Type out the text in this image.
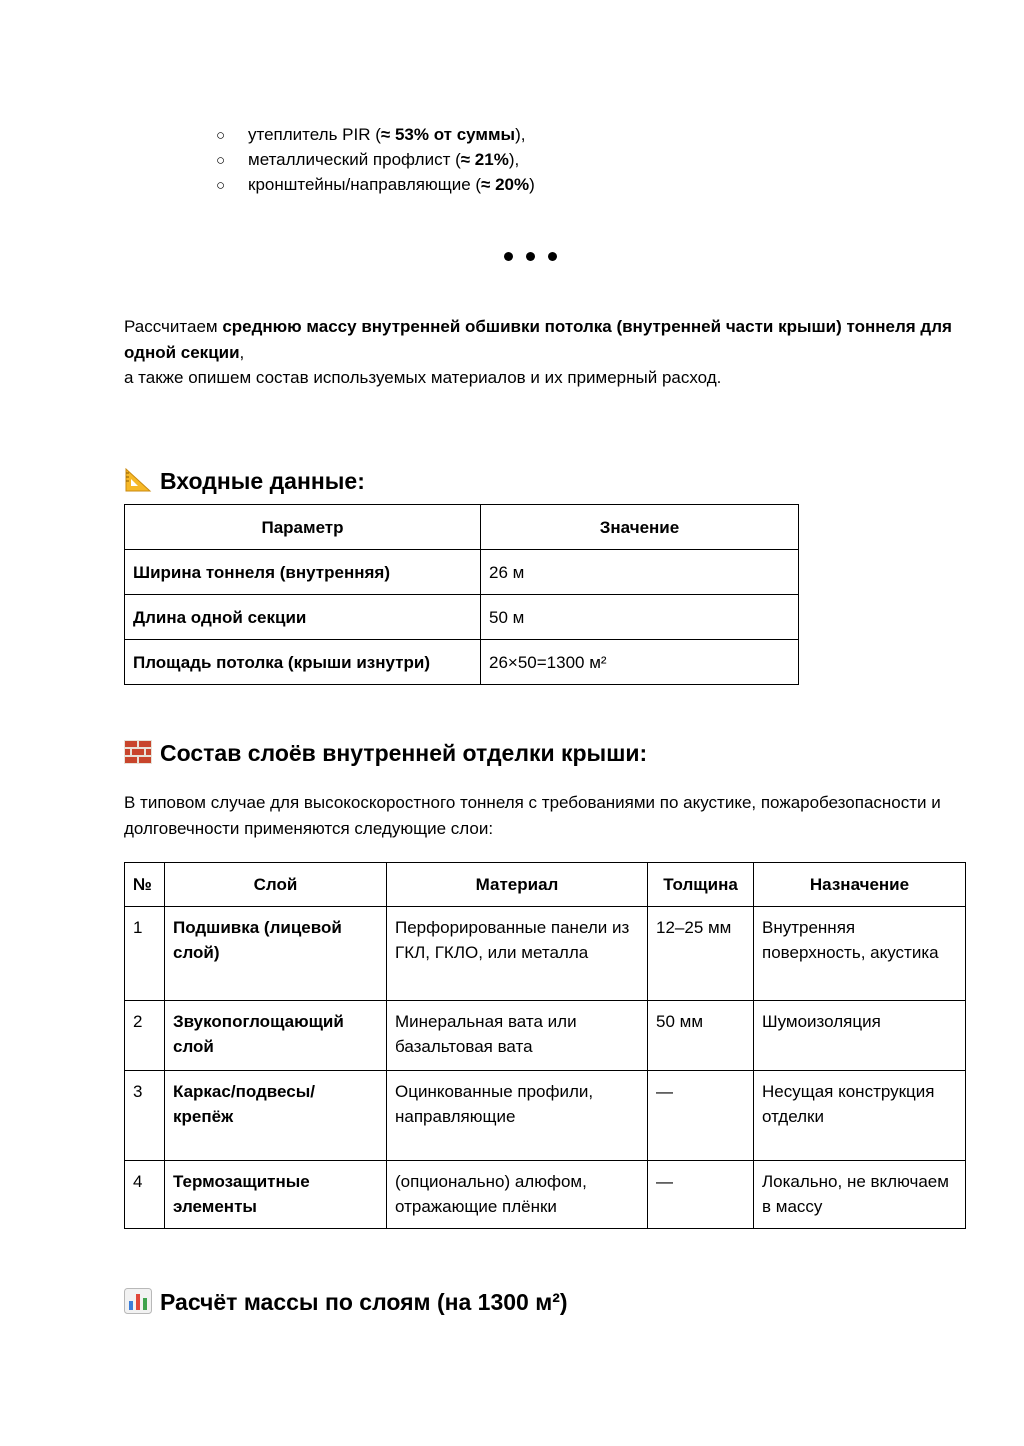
○ утеплитель PIR (≈ 53% от суммы),
○ металлический профлист (≈ 21%),
○ кронштейны/направляющие (≈ 20%)
Рассчитаем среднюю массу внутренней обшивки потолка (внутренней части крыши) тоннеля для одной секции,
а также опишем состав используемых материалов и их примерный расход.
Входные данные:
Параметр	Значение
Ширина тоннеля (внутренняя)	26 м
Длина одной секции	50 м
Площадь потолка (крыши изнутри)	26×50=1300 м²
Состав слоёв внутренней отделки крыши:
В типовом случае для высокоскоростного тоннеля с требованиями по акустике, пожаробезопасности и долговечности применяются следующие слои:
№	Слой	Материал	Толщина	Назначение
1	Подшивка (лицевой слой)	Перфорированные панели из ГКЛ, ГКЛО, или металла	12–25 мм	Внутренняя поверхность, акустика
2	Звукопоглощающий слой	Минеральная вата или базальтовая вата	50 мм	Шумоизоляция
3	Каркас/подвесы/ крепёж	Оцинкованные профили, направляющие	—	Несущая конструкция отделки
4	Термозащитные элементы	(опционально) алюфом, отражающие плёнки	—	Локально, не включаем в массу
Расчёт массы по слоям (на 1300 м²)
